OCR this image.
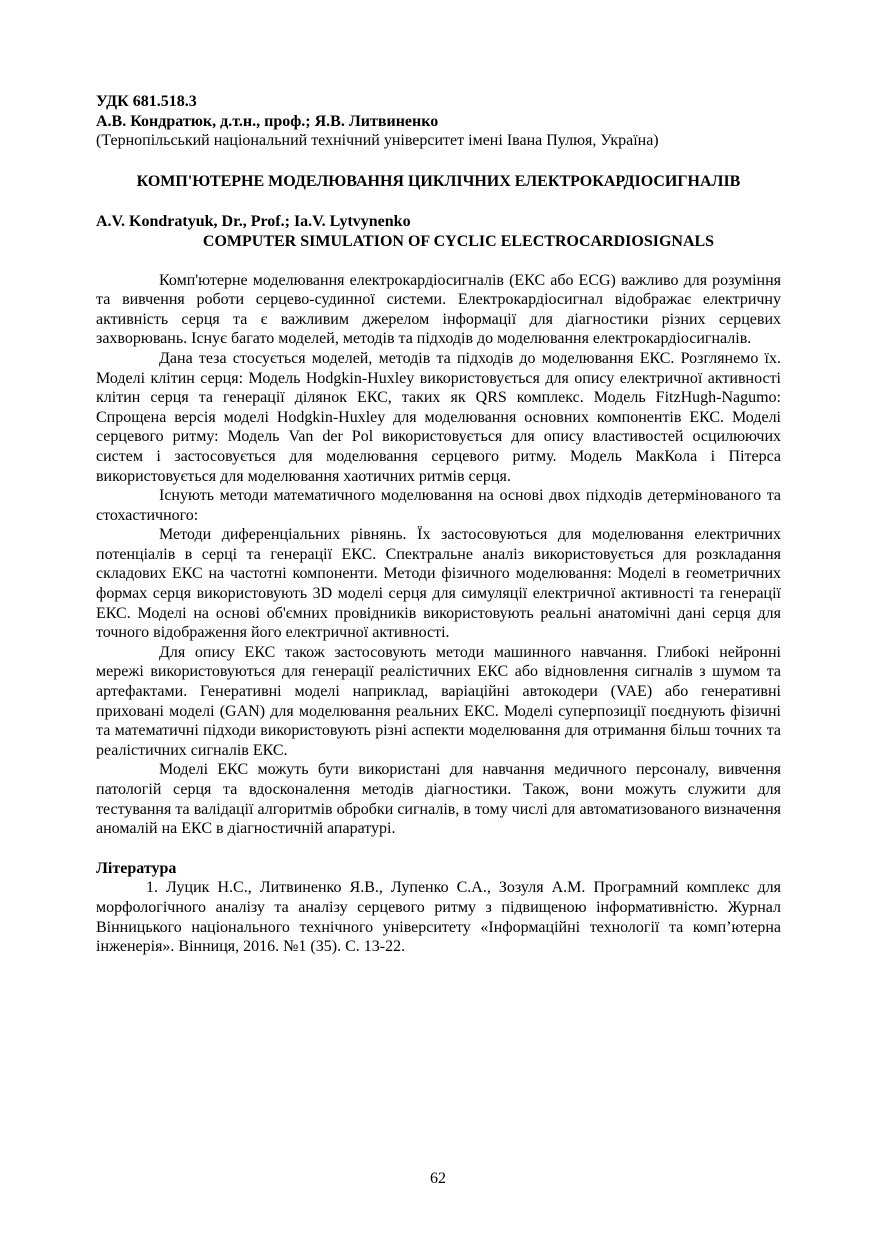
УДК 681.518.3
А.В. Кондратюк, д.т.н., проф.; Я.В. Литвиненко
(Тернопільський національний технічний університет імені Івана Пулюя, Україна)
КОМП'ЮТЕРНЕ МОДЕЛЮВАННЯ ЦИКЛІЧНИХ ЕЛЕКТРОКАРДІОСИГНАЛІВ
A.V. Kondratyuk, Dr., Prof.; Ia.V. Lytvynenko
COMPUTER SIMULATION OF CYCLIC ELECTROCARDIOSIGNALS

Комп'ютерне моделювання електрокардіосигналів (ЕКС або ECG) важливо для розуміння та вивчення роботи серцево-судинної системи. Електрокардіосигнал відображає електричну активність серця та є важливим джерелом інформації для діагностики різних серцевих захворювань. Існує багато моделей, методів та підходів до моделювання електрокардіосигналів.

Дана теза стосується моделей, методів та підходів до моделювання ЕКС. Розглянемо їх. Моделі клітин серця: Модель Hodgkin-Huxley використовується для опису електричної активності клітин серця та генерації ділянок ЕКС, таких як QRS комплекс. Модель FitzHugh-Nagumo: Спрощена версія моделі Hodgkin-Huxley для моделювання основних компонентів ЕКС. Моделі серцевого ритму: Модель Van der Pol використовується для опису властивостей осцилюючих систем і застосовується для моделювання серцевого ритму. Модель МакКола і Пітерса використовується для моделювання хаотичних ритмів серця.

Існують методи математичного моделювання на основі двох підходів детермінованого та стохастичного:

Методи диференціальних рівнянь. Їх застосовуються для моделювання електричних потенціалів в серці та генерації ЕКС. Спектральне аналіз використовується для розкладання складових ЕКС на частотні компоненти. Методи фізичного моделювання: Моделі в геометричних формах серця використовують 3D моделі серця для симуляції електричної активності та генерації ЕКС. Моделі на основі об'ємних провідників використовують реальні анатомічні дані серця для точного відображення його електричної активності.

Для опису ЕКС також застосовують методи машинного навчання. Глибокі нейронні мережі використовуються для генерації реалістичних ЕКС або відновлення сигналів з шумом та артефактами. Генеративні моделі наприклад, варіаційні автокодери (VAE) або генеративні приховані моделі (GAN) для моделювання реальних ЕКС. Моделі суперпозиції поєднують фізичні та математичні підходи використовують різні аспекти моделювання для отримання більш точних та реалістичних сигналів ЕКС.

Моделі ЕКС можуть бути використані для навчання медичного персоналу, вивчення патологій серця та вдосконалення методів діагностики. Також, вони можуть служити для тестування та валідації алгоритмів обробки сигналів, в тому числі для автоматизованого визначення аномалій на ЕКС в діагностичній апаратурі.

Література

1. Луцик Н.С., Литвиненко Я.В., Лупенко С.А., Зозуля А.М. Програмний комплекс для морфологічного аналізу та аналізу серцевого ритму з підвищеною інформативністю. Журнал Вінницького національного технічного університету «Інформаційні технології та комп’ютерна інженерія». Вінниця, 2016. №1 (35). С. 13-22.

62
